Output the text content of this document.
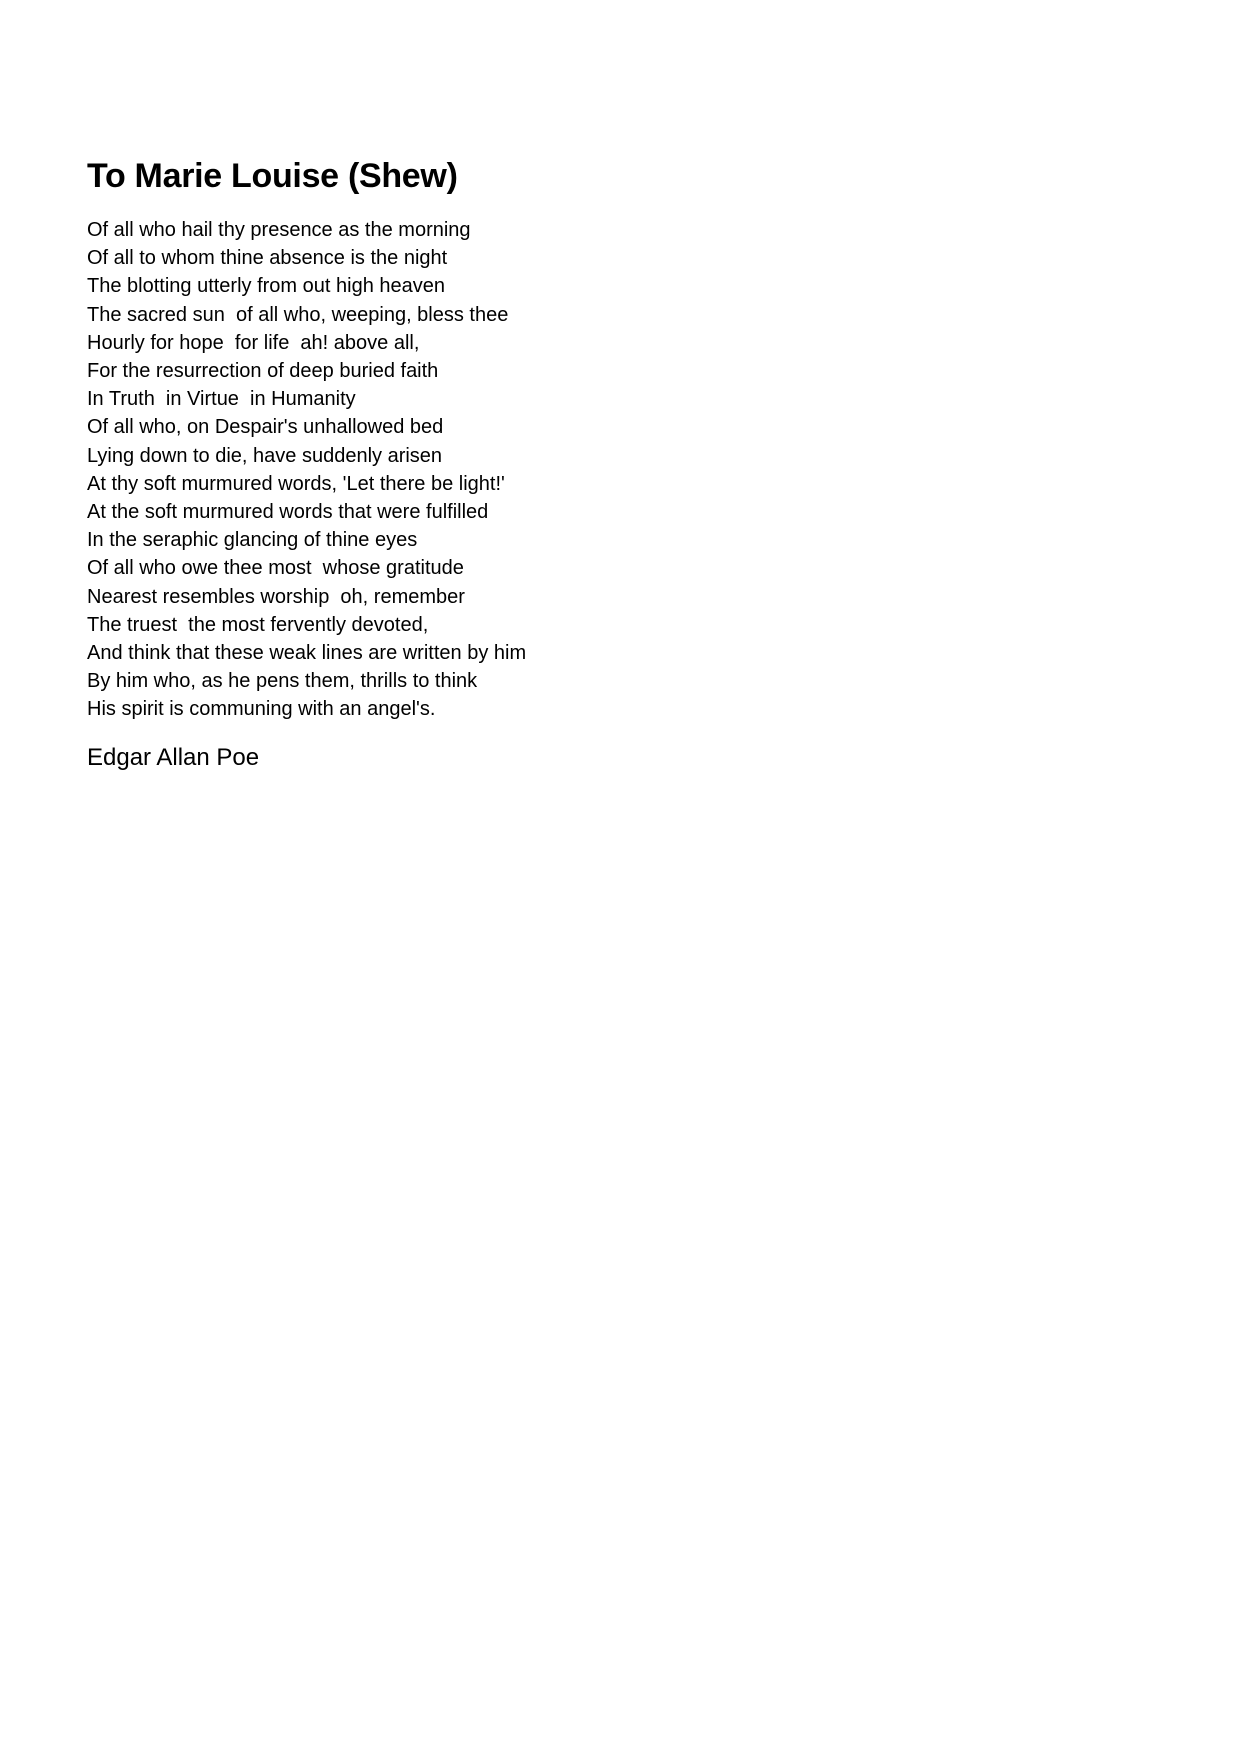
To Marie Louise (Shew)
Of all who hail thy presence as the morning
Of all to whom thine absence is the night
The blotting utterly from out high heaven
The sacred sun  of all who, weeping, bless thee
Hourly for hope  for life  ah! above all,
For the resurrection of deep buried faith
In Truth  in Virtue  in Humanity
Of all who, on Despair's unhallowed bed
Lying down to die, have suddenly arisen
At thy soft murmured words, 'Let there be light!'
At the soft murmured words that were fulfilled
In the seraphic glancing of thine eyes
Of all who owe thee most  whose gratitude
Nearest resembles worship  oh, remember
The truest  the most fervently devoted,
And think that these weak lines are written by him
By him who, as he pens them, thrills to think
His spirit is communing with an angel's.
Edgar Allan Poe
